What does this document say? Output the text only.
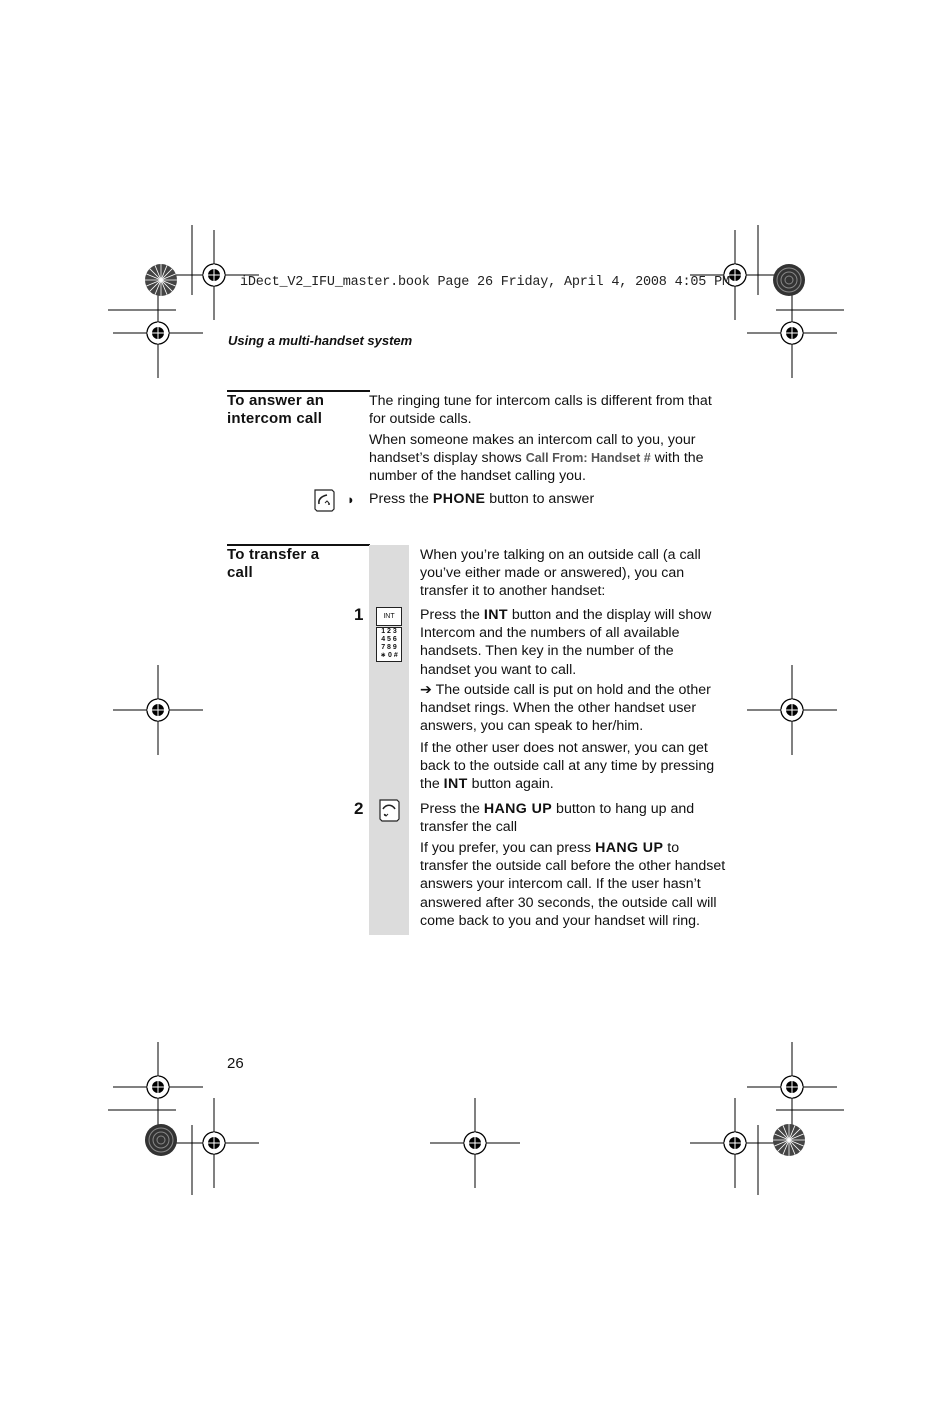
iDect_V2_IFU_master.book Page 26 Friday, April 4, 2008 4:05 PM
Using a multi-handset system
To answer an
intercom call
The ringing tune for intercom calls is different from that
for outside calls.
When someone makes an intercom call to you, your
handset’s display shows Call From: Handset # with the
number of the handset calling you.
◗ Press the PHONE button to answer
To transfer a
call
When you’re talking on an outside call (a call
you’ve either made or answered), you can
transfer it to another handset:
1	INT
1 2 3
4 5 6
7 8 9
∗ 0 #
Press the INT button and the display will show
Intercom and the numbers of all available
handsets. Then key in the number of the
handset you want to call.
➔ The outside call is put on hold and the other
handset rings. When the other handset user
answers, you can speak to her/him.
If the other user does not answer, you can get
back to the outside call at any time by pressing
the INT button again.
2	Press the HANG UP button to hang up and
transfer the call
If you prefer, you can press HANG UP to
transfer the outside call before the other handset
answers your intercom call. If the user hasn’t
answered after 30 seconds, the outside call will
come back to you and your handset will ring.
26
